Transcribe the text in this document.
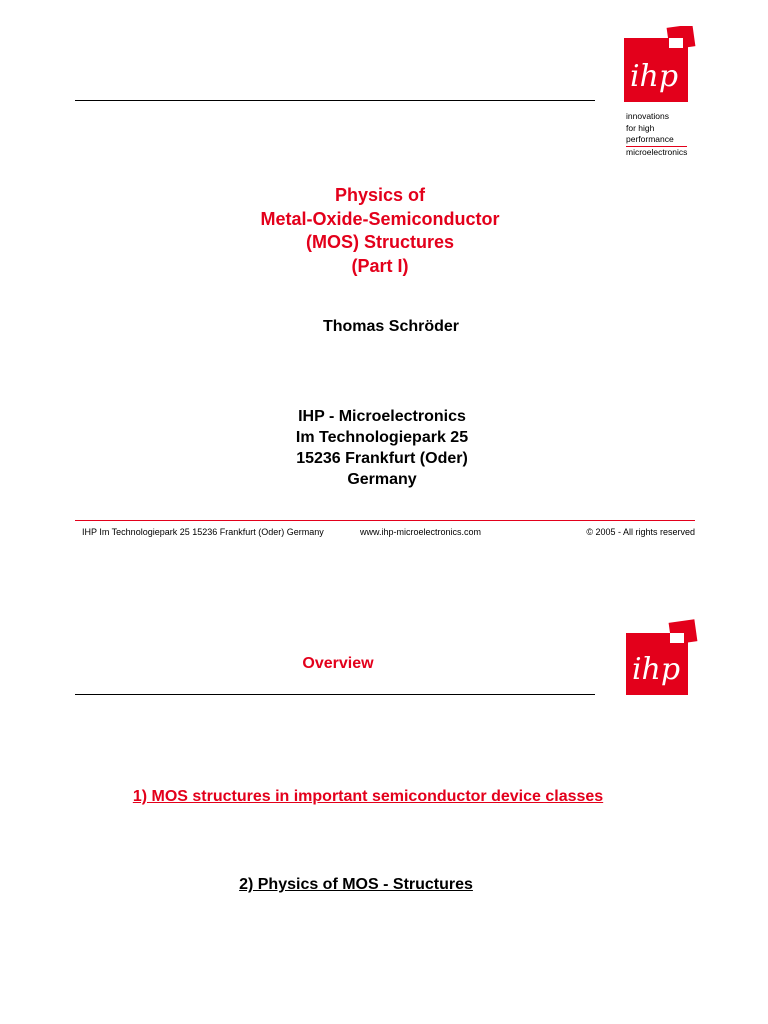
ihp
innovations
for high
performance
microelectronics
Physics of
Metal-Oxide-Semiconductor
(MOS) Structures
(Part I)
Thomas Schröder
IHP - Microelectronics
Im Technologiepark 25
15236 Frankfurt (Oder)
Germany
IHP Im Technologiepark 25 15236 Frankfurt (Oder) Germany	www.ihp-microelectronics.com	© 2005 - All rights reserved
ihp
Overview
1) MOS structures in important semiconductor device classes
2) Physics of MOS - Structures
